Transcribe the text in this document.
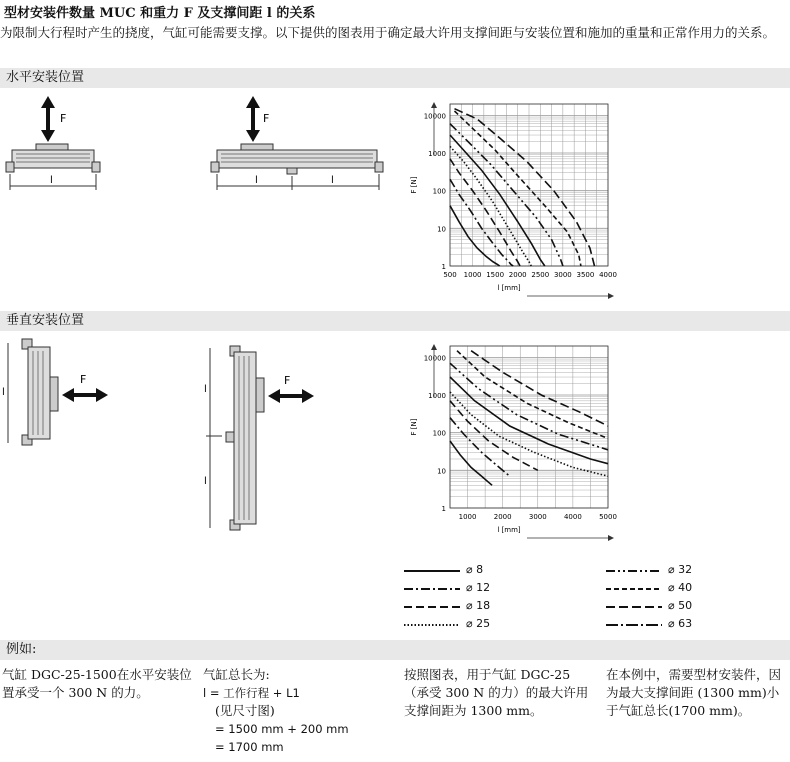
型材安装件数量 MUC 和重力 F 及支撑间距 l 的关系
为限制大行程时产生的挠度，气缸可能需要支撑。以下提供的图表用于确定最大许用支撑间距与安装位置和施加的重量和正常作用力的关系。
水平安装位置
垂直安装位置
例如:
F
l
F
l	l
l
F
l
l
F
1
10
100
1000
10000
500 1000 1500 2000 2500 3000 3500 4000
F [N]
l [mm]
1
10
100
1000
10000
1000 2000 3000 4000 5000
F [N]
l [mm]
⌀ 8
⌀ 12
⌀ 18
⌀ 25
⌀ 32
⌀ 40
⌀ 50
⌀ 63
气缸 DGC-25-1500在水平安装位置承受一个 300 N 的力。
气缸总长为:
l = 工作行程 + L1
(见尺寸图)
= 1500 mm + 200 mm
= 1700 mm
按照图表，用于气缸 DGC-25（承受 300 N 的力）的最大许用支撑间距为 1300 mm。
在本例中，需要型材安装件，因为最大支撑间距 (1300 mm)小于气缸总长(1700 mm)。
